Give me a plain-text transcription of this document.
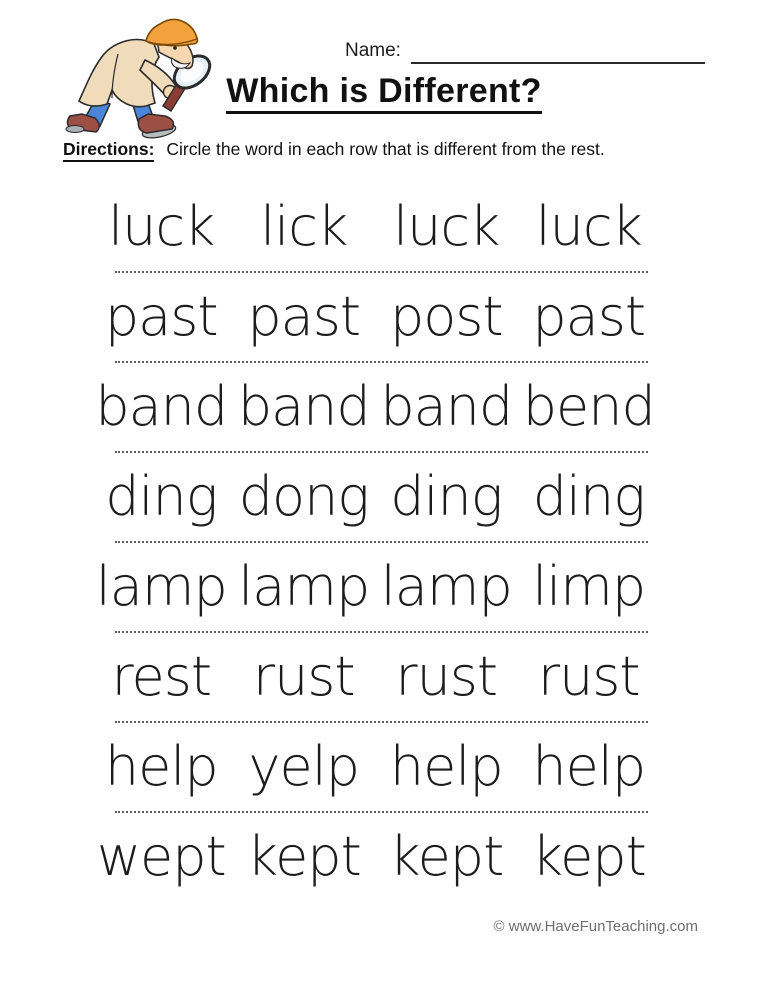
Name:
Which is Different?
Directions: Circle the word in each row that is different from the rest.
luck lick luck luck
past past post past
band band band bend
ding dong ding ding
lamp lamp lamp limp
rest rust rust rust
help yelp help help
wept kept kept kept
© www.HaveFunTeaching.com
